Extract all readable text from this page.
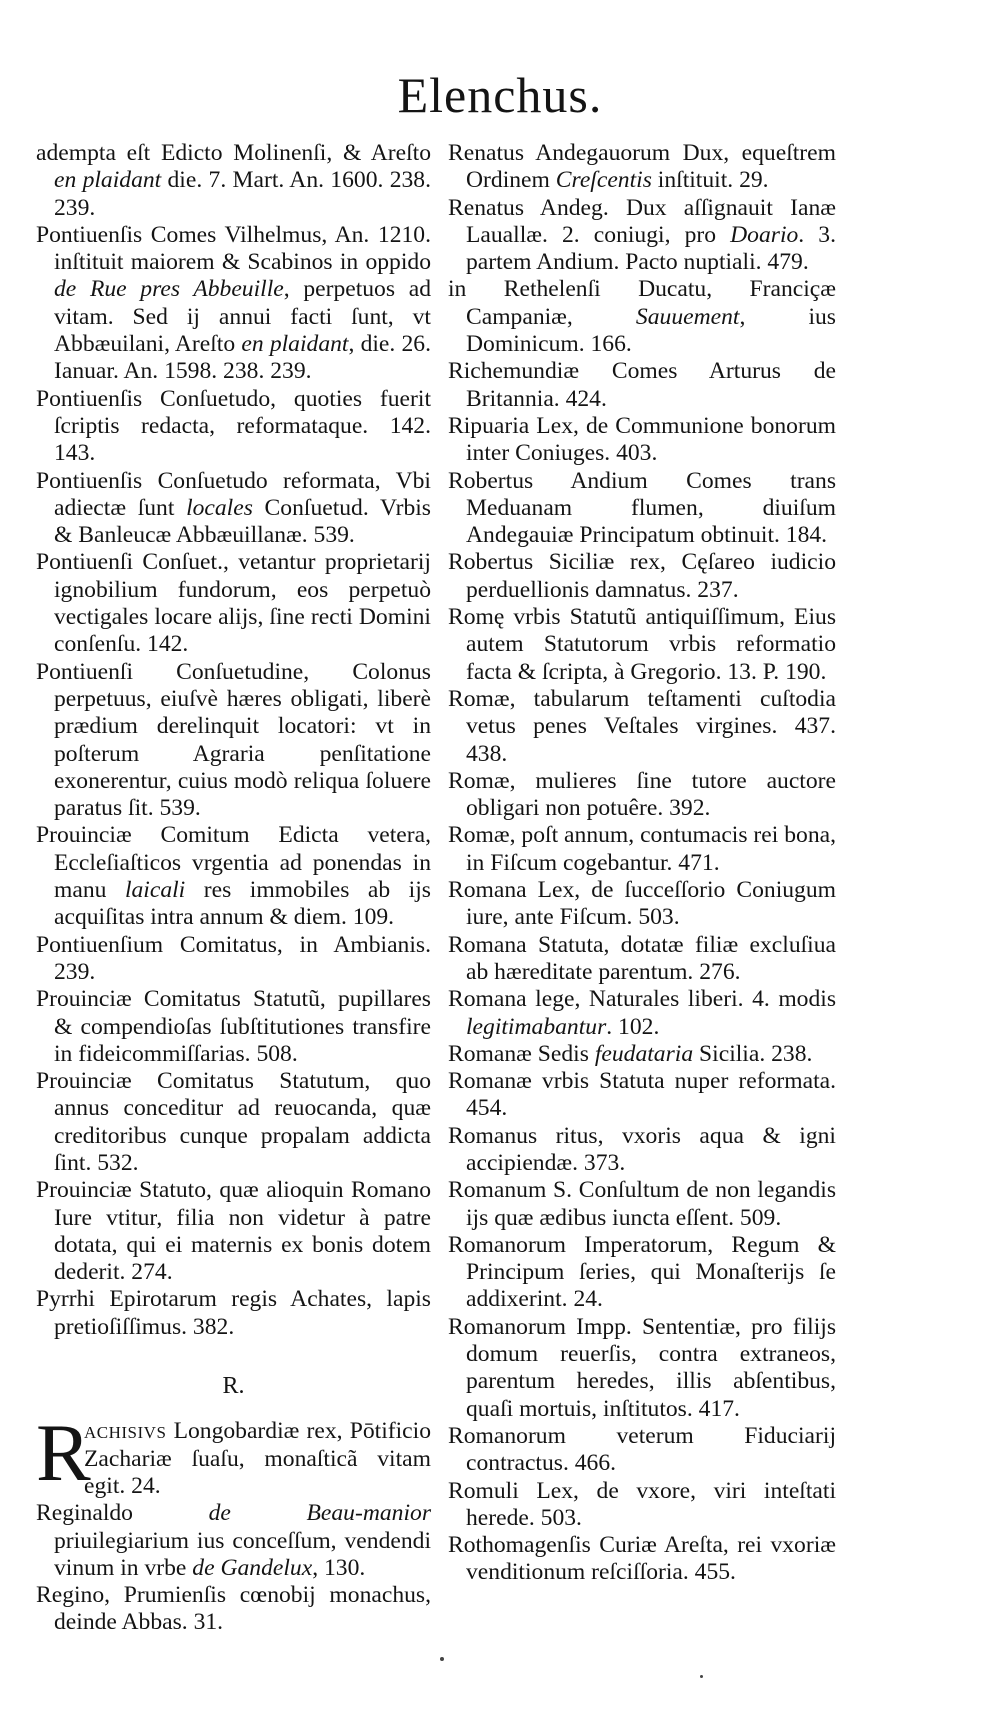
Elenchus.

adempta eſt Edicto Molinenſi, & Areſto en plaidant die. 7. Mart. An. 1600. 238. 239.

Pontiuenſis Comes Vilhelmus, An. 1210. inſtituit maiorem & Scabinos in oppido de Rue pres Abbeuille, perpetuos ad vitam. Sed ij annui facti ſunt, vt Abbæuilani, Areſto en plaidant, die. 26. Ianuar. An. 1598. 238. 239.

Pontiuenſis Conſuetudo, quoties fuerit ſcriptis redacta, reformataque. 142. 143.

Pontiuenſis Conſuetudo reformata, Vbi adiectæ ſunt locales Conſuetud. Vrbis & Banleucæ Abbæuillanæ. 539.

Pontiuenſi Conſuet., vetantur proprietarij ignobilium fundorum, eos perpetuò vectigales locare alijs, ſine recti Domini conſenſu. 142.

Pontiuenſi Conſuetudine, Colonus perpetuus, eiuſvè hæres obligati, liberè prædium derelinquit locatori: vt in poſterum Agraria penſitatione exonerentur, cuius modò reliqua ſoluere paratus ſit. 539.

Prouinciæ Comitum Edicta vetera, Eccleſiaſticos vrgentia ad ponendas in manu laicali res immobiles ab ijs acquiſitas intra annum & diem. 109.

Pontiuenſium Comitatus, in Ambianis. 239.

Prouinciæ Comitatus Statutũ, pupillares & compendioſas ſubſtitutiones transfire in fideicommiſſarias. 508.

Prouinciæ Comitatus Statutum, quo annus conceditur ad reuocanda, quæ creditoribus cunque propalam addicta ſint. 532.

Prouinciæ Statuto, quæ alioquin Romano Iure vtitur, filia non videtur à patre dotata, qui ei maternis ex bonis dotem dederit. 274.

Pyrrhi Epirotarum regis Achates, lapis pretioſiſſimus. 382.

R.

R
achisivs Longobardiæ rex, Pōtificio Zachariæ ſuaſu, monaſticã vitam egit. 24.

Reginaldo de Beau-manior priuilegiarium ius conceſſum, vendendi vinum in vrbe de Gandelux, 130.

Regino, Prumienſis cœnobij monachus, deinde Abbas. 31.

Renatus Andegauorum Dux, equeſtrem Ordinem Creſcentis inſtituit. 29.

Renatus Andeg. Dux aſſignauit Ianæ Lauallæ. 2. coniugi, pro Doario. 3. partem Andium. Pacto nuptiali. 479.

in Rethelenſi Ducatu, Franciçæ Campaniæ, Sauuement, ius Dominicum. 166.

Richemundiæ Comes Arturus de Britannia. 424.

Ripuaria Lex, de Communione bonorum inter Coniuges. 403.

Robertus Andium Comes trans Meduanam flumen, diuiſum Andegauiæ Principatum obtinuit. 184.

Robertus Siciliæ rex, Cęſareo iudicio perduellionis damnatus. 237.

Romę vrbis Statutũ antiquiſſimum, Eius autem Statutorum vrbis reformatio facta & ſcripta, à Gregorio. 13. P. 190.

Romæ, tabularum teſtamenti cuſtodia vetus penes Veſtales virgines. 437. 438.

Romæ, mulieres ſine tutore auctore obligari non potuêre. 392.

Romæ, poſt annum, contumacis rei bona, in Fiſcum cogebantur. 471.

Romana Lex, de ſucceſſorio Coniugum iure, ante Fiſcum. 503.

Romana Statuta, dotatæ filiæ excluſiua ab hæreditate parentum. 276.

Romana lege, Naturales liberi. 4. modis legitimabantur. 102.

Romanæ Sedis feudataria Sicilia. 238.

Romanæ vrbis Statuta nuper reformata. 454.

Romanus ritus, vxoris aqua & igni accipiendæ. 373.

Romanum S. Conſultum de non legandis ijs quæ ædibus iuncta eſſent. 509.

Romanorum Imperatorum, Regum & Principum ſeries, qui Monaſterijs ſe addixerint. 24.

Romanorum Impp. Sententiæ, pro filijs domum reuerſis, contra extraneos, parentum heredes, illis abſentibus, quaſi mortuis, inſtitutos. 417.

Romanorum veterum Fiduciarij contractus. 466.

Romuli Lex, de vxore, viri inteſtati herede. 503.

Rothomagenſis Curiæ Areſta, rei vxoriæ venditionum reſciſſoria. 455.
